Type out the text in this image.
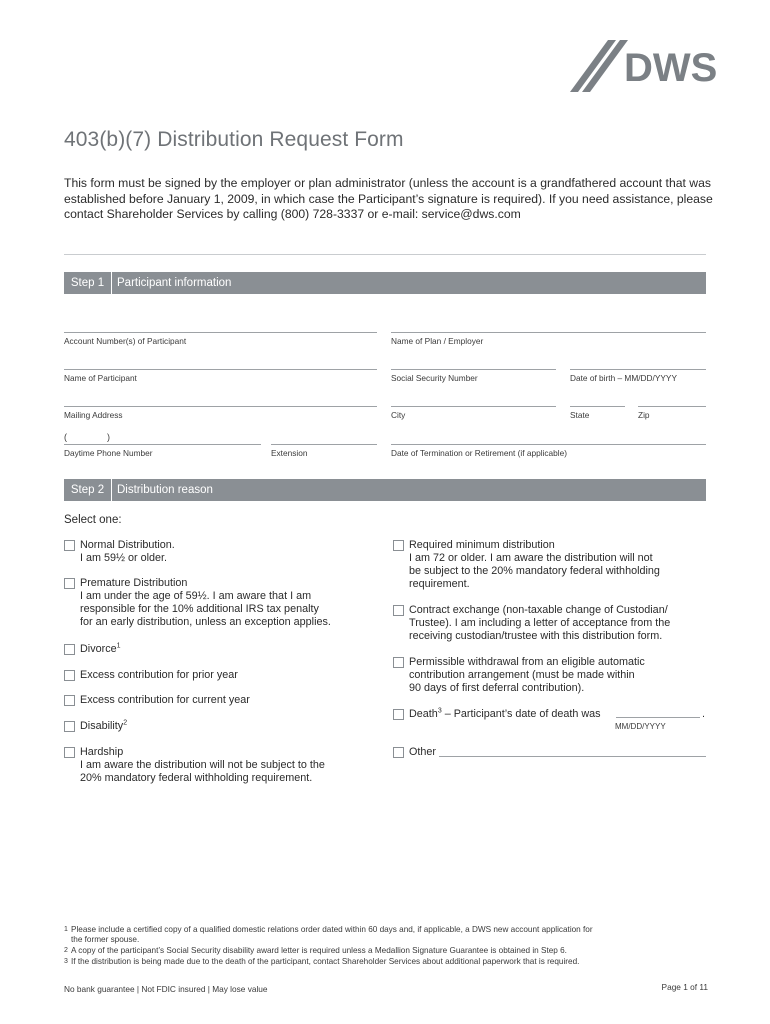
DWS
403(b)(7) Distribution Request Form
This form must be signed by the employer or plan administrator (unless the account is a grandfathered account that was established before January 1, 2009, in which case the Participant’s signature is required). If you need assistance, please contact Shareholder Services by calling (800) 728-3337 or e-mail: service@dws.com
Step 1	Participant information
Account Number(s) of Participant	Name of Plan / Employer
Name of Participant	Social Security Number	Date of birth – MM/DD/YYYY
Mailing Address	City	State	Zip
(	)
Daytime Phone Number	Extension	Date of Termination or Retirement (if applicable)
Step 2	Distribution reason
Select one:
Normal Distribution.
I am 59½ or older.
Premature Distribution
I am under the age of 59½. I am aware that I am
responsible for the 10% additional IRS tax penalty
for an early distribution, unless an exception applies.
Divorce$^1$
Excess contribution for prior year
Excess contribution for current year
Disability$^2$
Hardship
I am aware the distribution will not be subject to the
20% mandatory federal withholding requirement.
Required minimum distribution
I am 72 or older. I am aware the distribution will not
be subject to the 20% mandatory federal withholding
requirement.
Contract exchange (non-taxable change of Custodian/
Trustee). I am including a letter of acceptance from the
receiving custodian/trustee with this distribution form.
Permissible withdrawal from an eligible automatic
contribution arrangement (must be made within
90 days of first deferral contribution).
Death$^3$ – Participant’s date of death was	.
MM/DD/YYYY
Other
1 Please include a certified copy of a qualified domestic relations order dated within 60 days and, if applicable, a DWS new account application for
the former spouse.
2 A copy of the participant’s Social Security disability award letter is required unless a Medallion Signature Guarantee is obtained in Step 6.
3 If the distribution is being made due to the death of the participant, contact Shareholder Services about additional paperwork that is required.
No bank guarantee | Not FDIC insured | May lose value	Page 1 of 11
